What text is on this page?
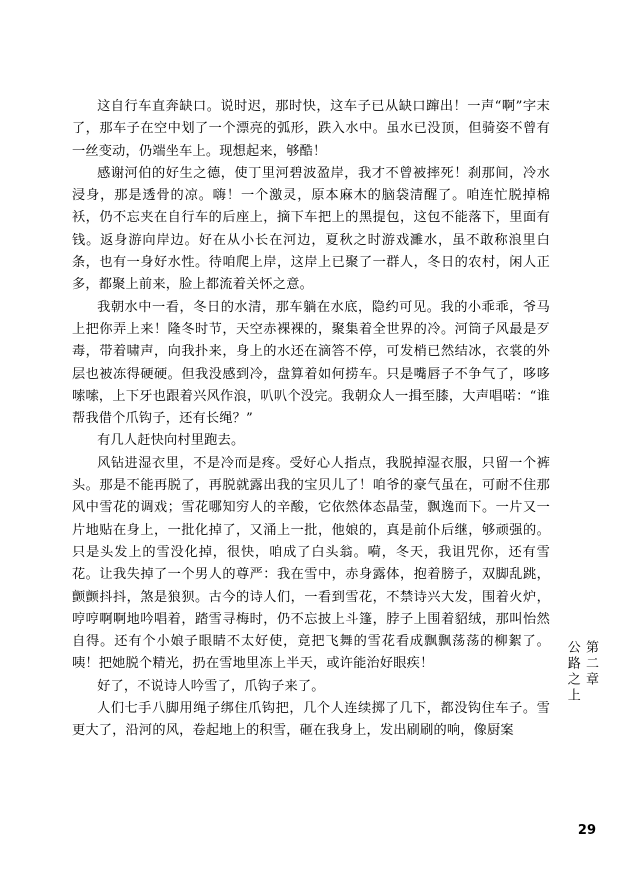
这自行车直奔缺口。说时迟，那时快，这车子已从缺口蹿出！一声“啊”字末了，那车子在空中划了一个漂亮的弧形，跌入水中。虽水已没顶，但骑姿不曾有一丝变动，仍端坐车上。现想起来，够酷！

感谢河伯的好生之德，使丁里河碧波盈岸，我才不曾被摔死！刹那间，冷水浸身，那是透骨的凉。嗨！一个激灵，原本麻木的脑袋清醒了。咱连忙脱掉棉袄，仍不忘夹在自行车的后座上，摘下车把上的黑提包，这包不能落下，里面有钱。返身游向岸边。好在从小长在河边，夏秋之时游戏濉水，虽不敢称浪里白条，也有一身好水性。待咱爬上岸，这岸上已聚了一群人，冬日的农村，闲人正多，都聚上前来，脸上都流着关怀之意。

我朝水中一看，冬日的水清，那车躺在水底，隐约可见。我的小乖乖，爷马上把你弄上来！隆冬时节，天空赤裸裸的，聚集着全世界的冷。河筒子风最是歹毒，带着啸声，向我扑来，身上的水还在滴答不停，可发梢已然结冰，衣裳的外层也被冻得硬硬。但我没感到冷，盘算着如何捞车。只是嘴唇子不争气了，哆哆嗦嗦，上下牙也跟着兴风作浪，叭叭个没完。我朝众人一揖至膝，大声唱喏：“谁帮我借个爪钩子，还有长绳？”

有几人赶快向村里跑去。

风钻进湿衣里，不是冷而是疼。受好心人指点，我脱掉湿衣服，只留一个裤头。那是不能再脱了，再脱就露出我的宝贝儿了！咱爷的豪气虽在，可耐不住那风中雪花的调戏；雪花哪知穷人的辛酸，它依然体态晶莹，飘逸而下。一片又一片地贴在身上，一批化掉了，又涌上一批，他娘的，真是前仆后继，够顽强的。只是头发上的雪没化掉，很快，咱成了白头翁。嗬，冬天，我诅咒你，还有雪花。让我失掉了一个男人的尊严：我在雪中，赤身露体，抱着膀子，双脚乱跳，颤颤抖抖，煞是狼狈。古今的诗人们，一看到雪花，不禁诗兴大发，围着火炉，哼哼啊啊地吟唱着，踏雪寻梅时，仍不忘披上斗篷，脖子上围着貂绒，那叫怡然自得。还有个小娘子眼睛不太好使，竟把飞舞的雪花看成飘飘荡荡的柳絮了。咦！把她脱个精光，扔在雪地里冻上半天，或许能治好眼疾！

好了，不说诗人吟雪了，爪钩子来了。

人们七手八脚用绳子绑住爪钩把，几个人连续掷了几下，都没钩住车子。雪更大了，沿河的风，卷起地上的积雪，砸在我身上，发出刷刷的响，像厨案

第二章
公路之上
29
